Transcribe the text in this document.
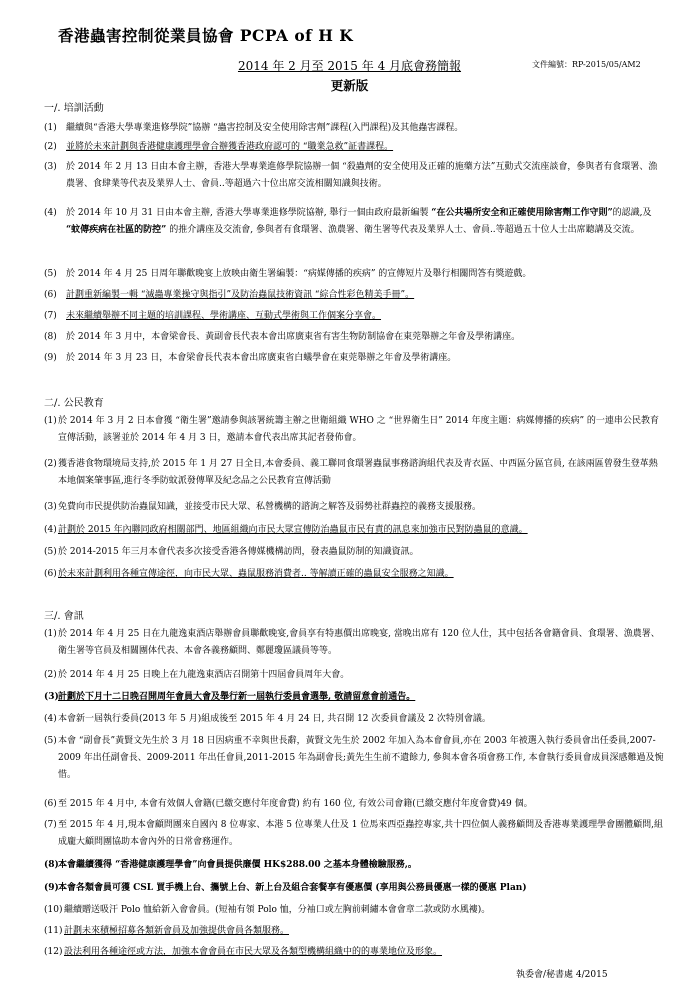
香港蟲害控制從業員協會 PCPA of H K
2014 年 2 月至 2015 年 4 月底會務簡報	文件編號：RP-2015/05/AM2
更新版
一/. 培訓活動
(1)	繼續與“香港大學專業進修學院”協辦 “蟲害控制及安全使用除害劑”課程(入門課程)及其他蟲害課程。
(2)	並將於未來計劃與香港健康護理學會合辦獲香港政府認可的 “職業急救”証書課程。
(3)	於 2014 年 2 月 13 日由本會主辦，香港大學專業進修學院協辦一個 “殺蟲劑的安全使用及正確的施藥方法”互動式交流座談會，參與者有食環署、漁農署、食肆業等代表及業界人士、會員..等超過六十位出席交流相關知識與技術。
(4)	於 2014 年 10 月 31 日由本會主辦, 香港大學專業進修學院協辦, 舉行一個由政府最新編製 “在公共場所安全和正確使用除害劑工作守則”的認識,及 “蚊傳疾病在社區的防控” 的推介講座及交流會, 參與者有食環署、漁農署、衛生署等代表及業界人士、會員..等超過五十位人士出席聽講及交流。
(5)	於 2014 年 4 月 25 日周年聯歡晚宴上放映由衛生署編製：“病媒傳播的疾病” 的宣傳短片及舉行相關問答有獎遊戲。
(6)	計劃重新編製一輯 “滅蟲專業操守與指引”及防治蟲鼠技術資訊 “綜合性彩色精美手冊”。
(7)	未來繼續舉辦不同主題的培訓課程、學術講座、互動式學術與工作個案分享會。
(8)	於 2014 年 3 月中，本會梁會長、黃副會長代表本會出席廣東省有害生物防制協會在東莞舉辦之年會及學術講座。
(9)	於 2014 年 3 月 23 日，本會梁會長代表本會出席廣東省白蟻學會在東莞舉辦之年會及學術講座。
二/. 公民教育
(1) 於 2014 年 3 月 2 日本會獲 “衛生署”邀請參與該署統籌主辦之世衛組織 WHO 之 “世界衛生日” 2014 年度主題：病媒傳播的疾病” 的一連串公民教育宣傳活動，該署並於 2014 年 4 月 3 日，邀請本會代表出席其記者發佈會。
(2) 獲香港食物環境局支持,於 2015 年 1 月 27 日全日,本會委員、義工聯同食環署蟲鼠事務諮詢組代表及青衣區、中西區分區官員, 在該兩區曾發生登革熱本地個案肇事區,進行冬季防蚊派發傳單及紀念品之公民教育宣傳活動
(3) 免費向市民提供防治蟲鼠知識，並接受市民大眾、私營機構的諮詢之解答及弱勢社群蟲控的義務支援服務。
(4) 計劃於 2015 年內聯同政府相關部門、地區組織向市民大眾宣傳防治蟲鼠市民有責的訊息來加強市民對防蟲鼠的意識。
(5) 於 2014-2015 年三月本會代表多次接受香港各傳媒機構訪問，發表蟲鼠防制的知識資訊。
(6) 於未來計劃利用各種宣傳途徑，向市民大眾、蟲鼠服務消費者.. 等解讀正確的蟲鼠安全服務之知識。
三/. 會訊
(1) 於 2014 年 4 月 25 日在九龍逸東酒店舉辦會員聯歡晚宴,會員享有特惠價出席晚宴, 當晚出席有 120 位人仕，其中包括各會籍會員、食環署、漁農署、衛生署等官員及相關團体代表、本會各義務顧問、鄭麗瓊區議員等等。
(2) 於 2014 年 4 月 25 日晚上在九龍逸東酒店召開第十四屆會員周年大會。
(3) 計劃於下月十二日晚召開周年會員大會及舉行新一屆執行委員會選舉, 敬請留意會前通告。
(4) 本會新一屆執行委員(2013 年 5 月)組成後至 2015 年 4 月 24 日, 共召開 12 次委員會議及 2 次特別會議。
(5) 本會 “副會長”黃賢文先生於 3 月 18 日因病重不幸與世長辭，黃賢文先生於 2002 年加入為本會會員,亦在 2003 年被選入執行委員會出任委員,2007-2009 年出任副會長、2009-2011 年出任會員,2011-2015 年為副會長;黃先生生前不遺餘力, 參與本會各項會務工作, 本會執行委員會成員深感難過及惋惜。
(6) 至 2015 年 4 月中, 本會有效個人會籍(已繳交應付年度會費) 約有 160 位, 有效公司會籍(已繳交應付年度會費)49 個。
(7) 至 2015 年 4 月,現本會顧問團來自國內 8 位專家、本港 5 位專業人仕及 1 位馬來西亞蟲控專家,共十四位個人義務顧問及香港專業護理學會團體顧問,組成龐大顧問團協助本會內外的日常會務運作。
(8) 本會繼續獲得 “香港健康護理學會”向會員提供廉價 HK$288.00 之基本身體檢驗服務,。
(9) 本會各類會員可獲 CSL 買手機上台、攜號上台、新上台及組合套餐享有優惠價 (享用與公務員優惠一樣的優惠 Plan)
(10) 繼續贈送吸汗 Polo 恤給新入會會員。(短袖有領 Polo 恤，分袖口或左胸前刺繡本會會章二款或防水風褸)。
(11) 計劃未來積極招募各類新會員及加強提供會員各類服務。
(12) 設法利用各種途徑或方法，加強本會會員在市民大眾及各類型機構組織中的的專業地位及形象。
執委會/秘書處 4/2015
